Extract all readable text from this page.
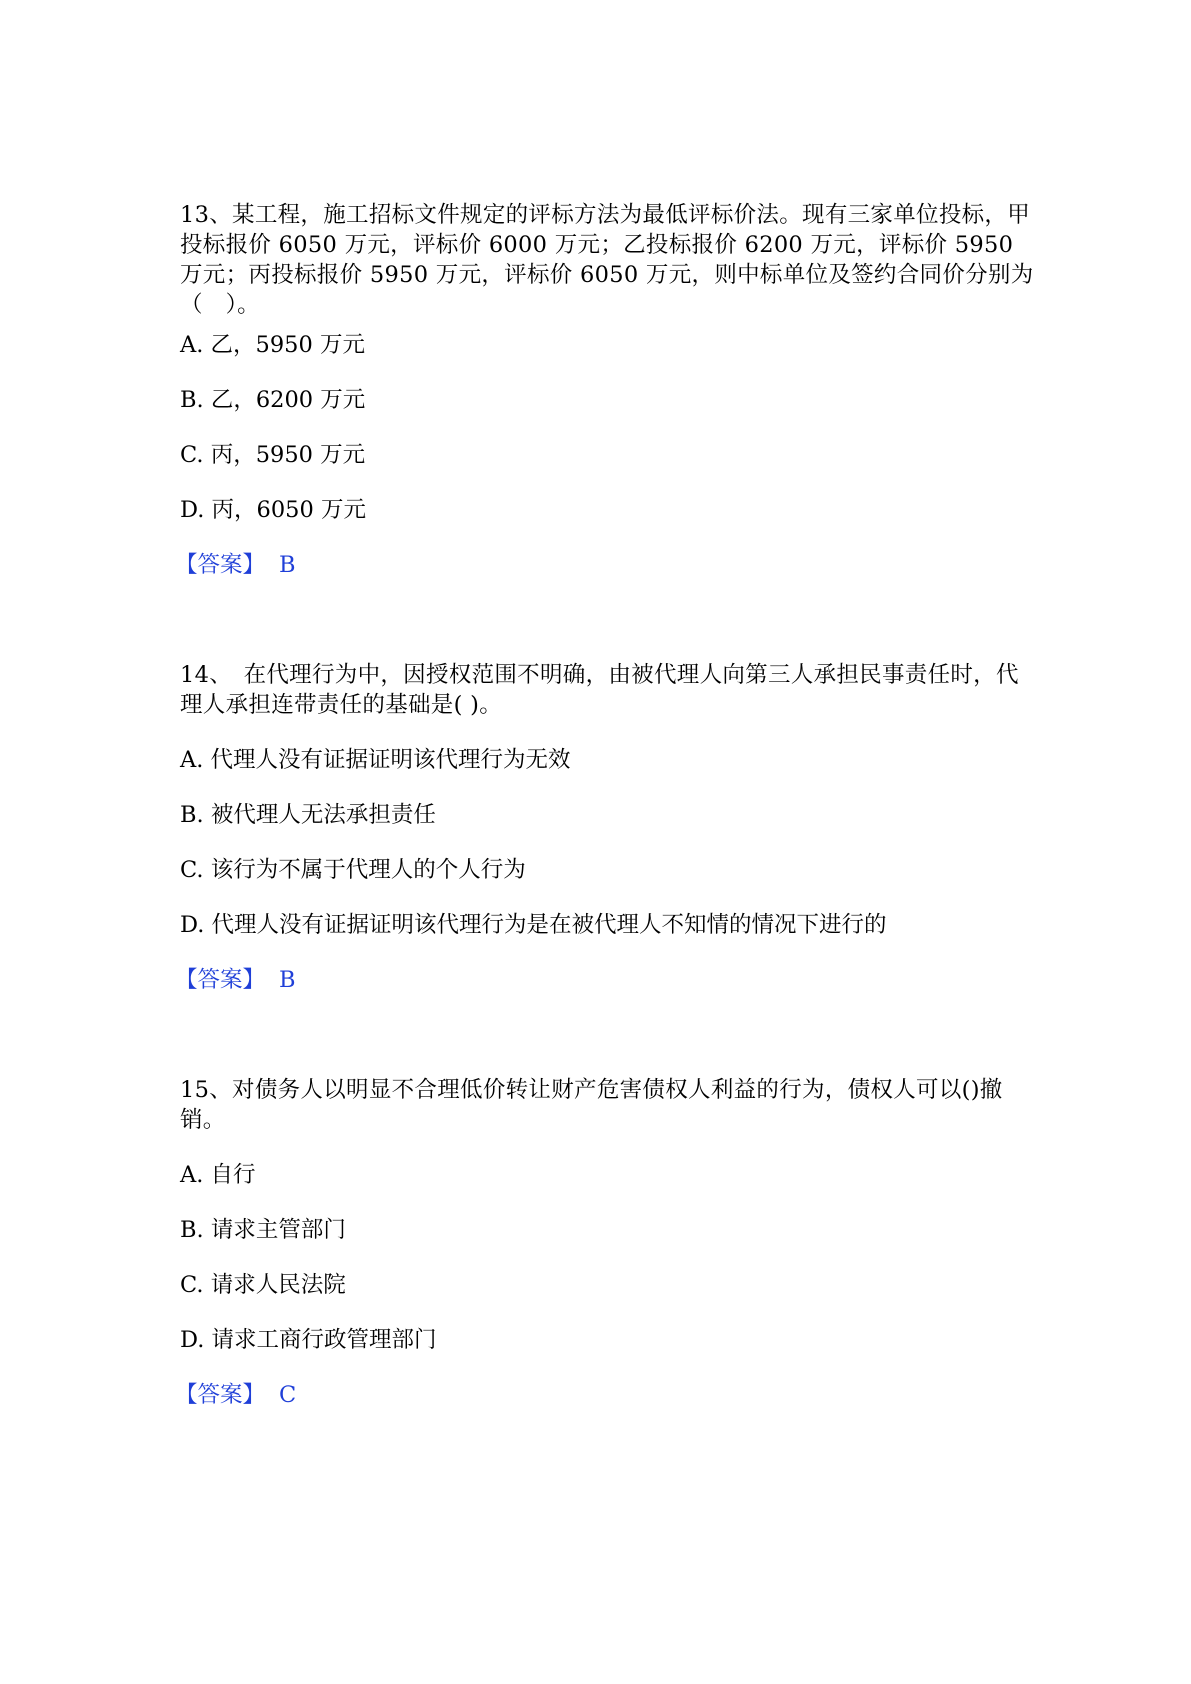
13、某工程，施工招标文件规定的评标方法为最低评标价法。现有三家单位投标，甲投标报价 6050 万元，评标价 6000 万元；乙投标报价 6200 万元，评标价 5950 万元；丙投标报价 5950 万元，评标价 6050 万元，则中标单位及签约合同价分别为（　）。

A. 乙，5950 万元

B. 乙，6200 万元

C. 丙，5950 万元

D. 丙，6050 万元

【答案】 B

14、　在代理行为中，因授权范围不明确，由被代理人向第三人承担民事责任时，代理人承担连带责任的基础是( )。

A. 代理人没有证据证明该代理行为无效

B. 被代理人无法承担责任

C. 该行为不属于代理人的个人行为

D. 代理人没有证据证明该代理行为是在被代理人不知情的情况下进行的

【答案】 B

15、对债务人以明显不合理低价转让财产危害债权人利益的行为，债权人可以()撤销。

A. 自行

B. 请求主管部门

C. 请求人民法院

D. 请求工商行政管理部门

【答案】 C
